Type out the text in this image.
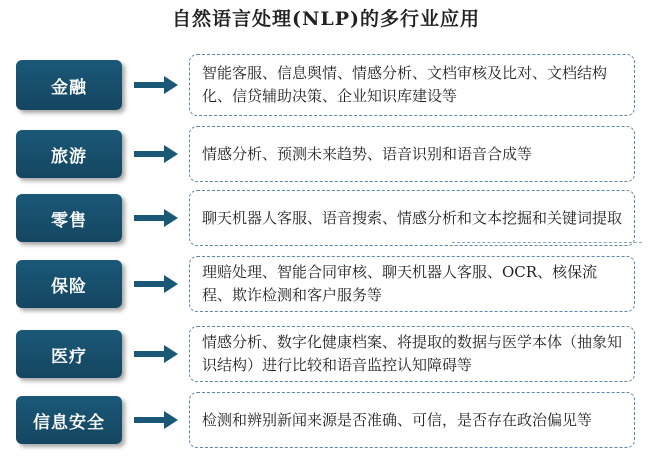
自然语言处理(NLP)的多行业应用
金融
智能客服、信息舆情、情感分析、文档审核及比对、文档结构化、信贷辅助决策、企业知识库建设等
旅游	情感分析、预测未来趋势、语音识别和语音合成等
零售	聊天机器人客服、语音搜索、情感分析和文本挖掘和关键词提取
保险
理赔处理、智能合同审核、聊天机器人客服、OCR、核保流程、欺诈检测和客户服务等
医疗
情感分析、数字化健康档案、将提取的数据与医学本体（抽象知识结构）进行比较和语音监控认知障碍等
信息安全	检测和辨别新闻来源是否准确、可信，是否存在政治偏见等
